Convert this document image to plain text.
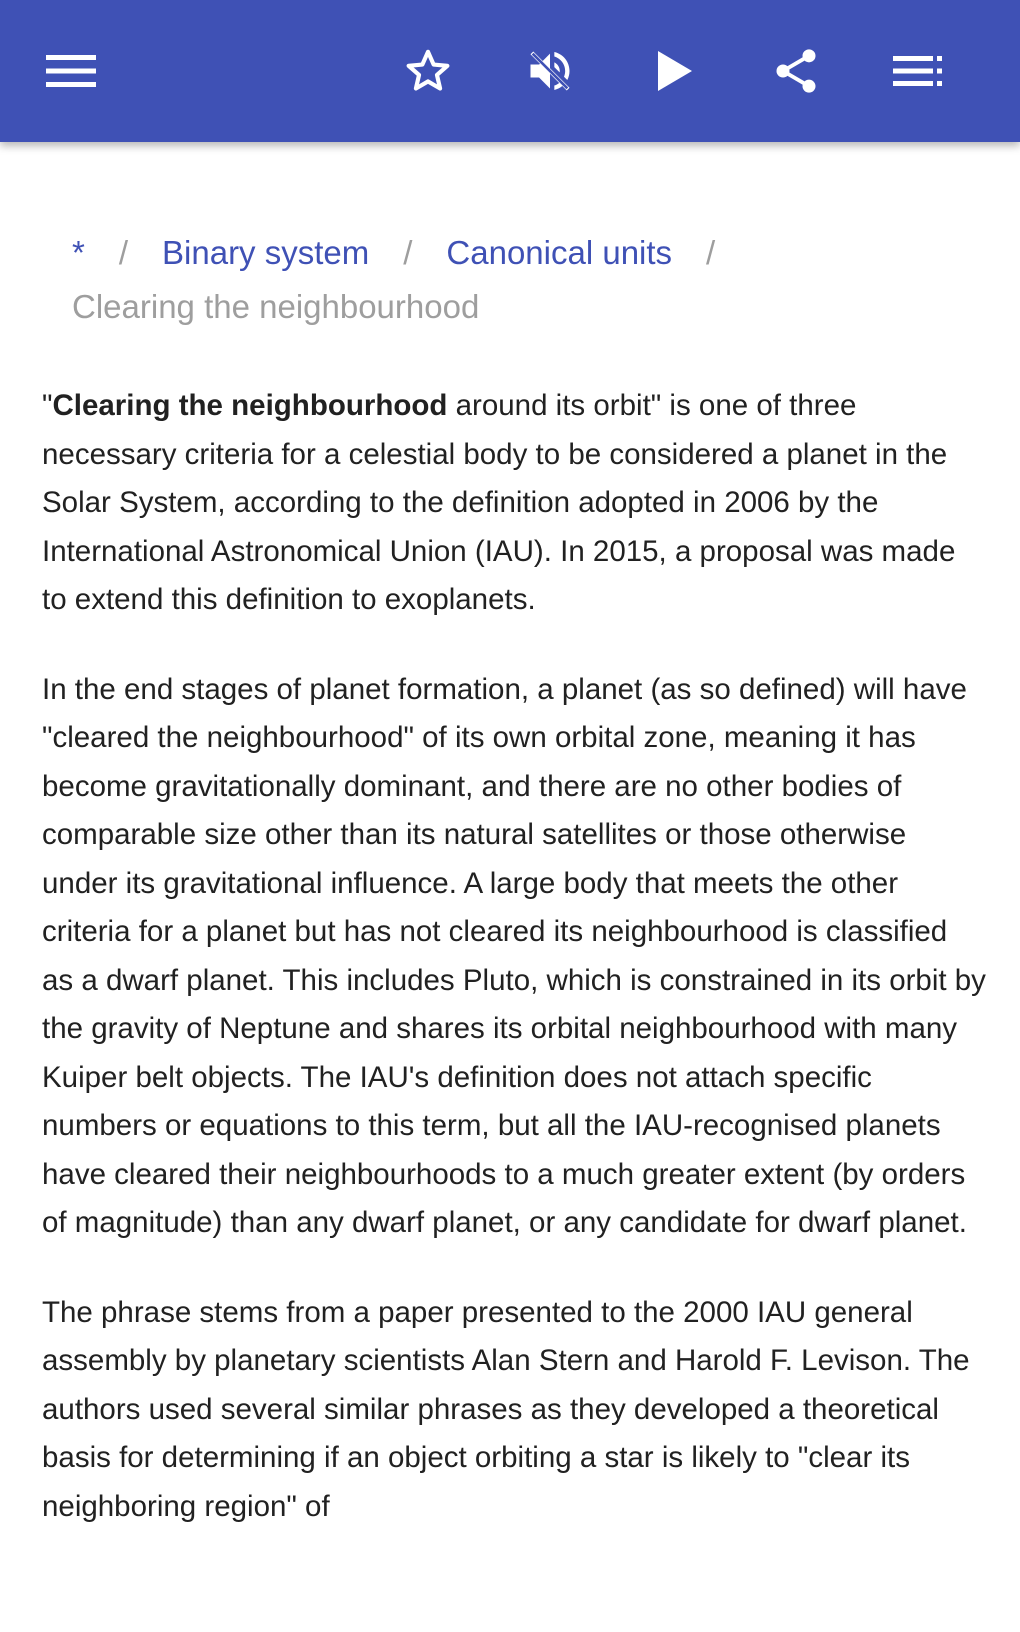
* / Binary system / Canonical units /
Clearing the neighbourhood

"Clearing the neighbourhood around its orbit" is one of three necessary criteria for a celestial body to be considered a planet in the Solar System, according to the definition adopted in 2006 by the International Astronomical Union (IAU). In 2015, a proposal was made to extend this definition to exoplanets.

In the end stages of planet formation, a planet (as so defined) will have "cleared the neighbourhood" of its own orbital zone, meaning it has become gravitationally dominant, and there are no other bodies of comparable size other than its natural satellites or those otherwise under its gravitational influence. A large body that meets the other criteria for a planet but has not cleared its neighbourhood is classified as a dwarf planet. This includes Pluto, which is constrained in its orbit by the gravity of Neptune and shares its orbital neighbourhood with many Kuiper belt objects. The IAU's definition does not attach specific numbers or equations to this term, but all the IAU-recognised planets have cleared their neighbourhoods to a much greater extent (by orders of magnitude) than any dwarf planet, or any candidate for dwarf planet.

The phrase stems from a paper presented to the 2000 IAU general assembly by planetary scientists Alan Stern and Harold F. Levison. The authors used several similar phrases as they developed a theoretical basis for determining if an object orbiting a star is likely to "clear its neighboring region" of
